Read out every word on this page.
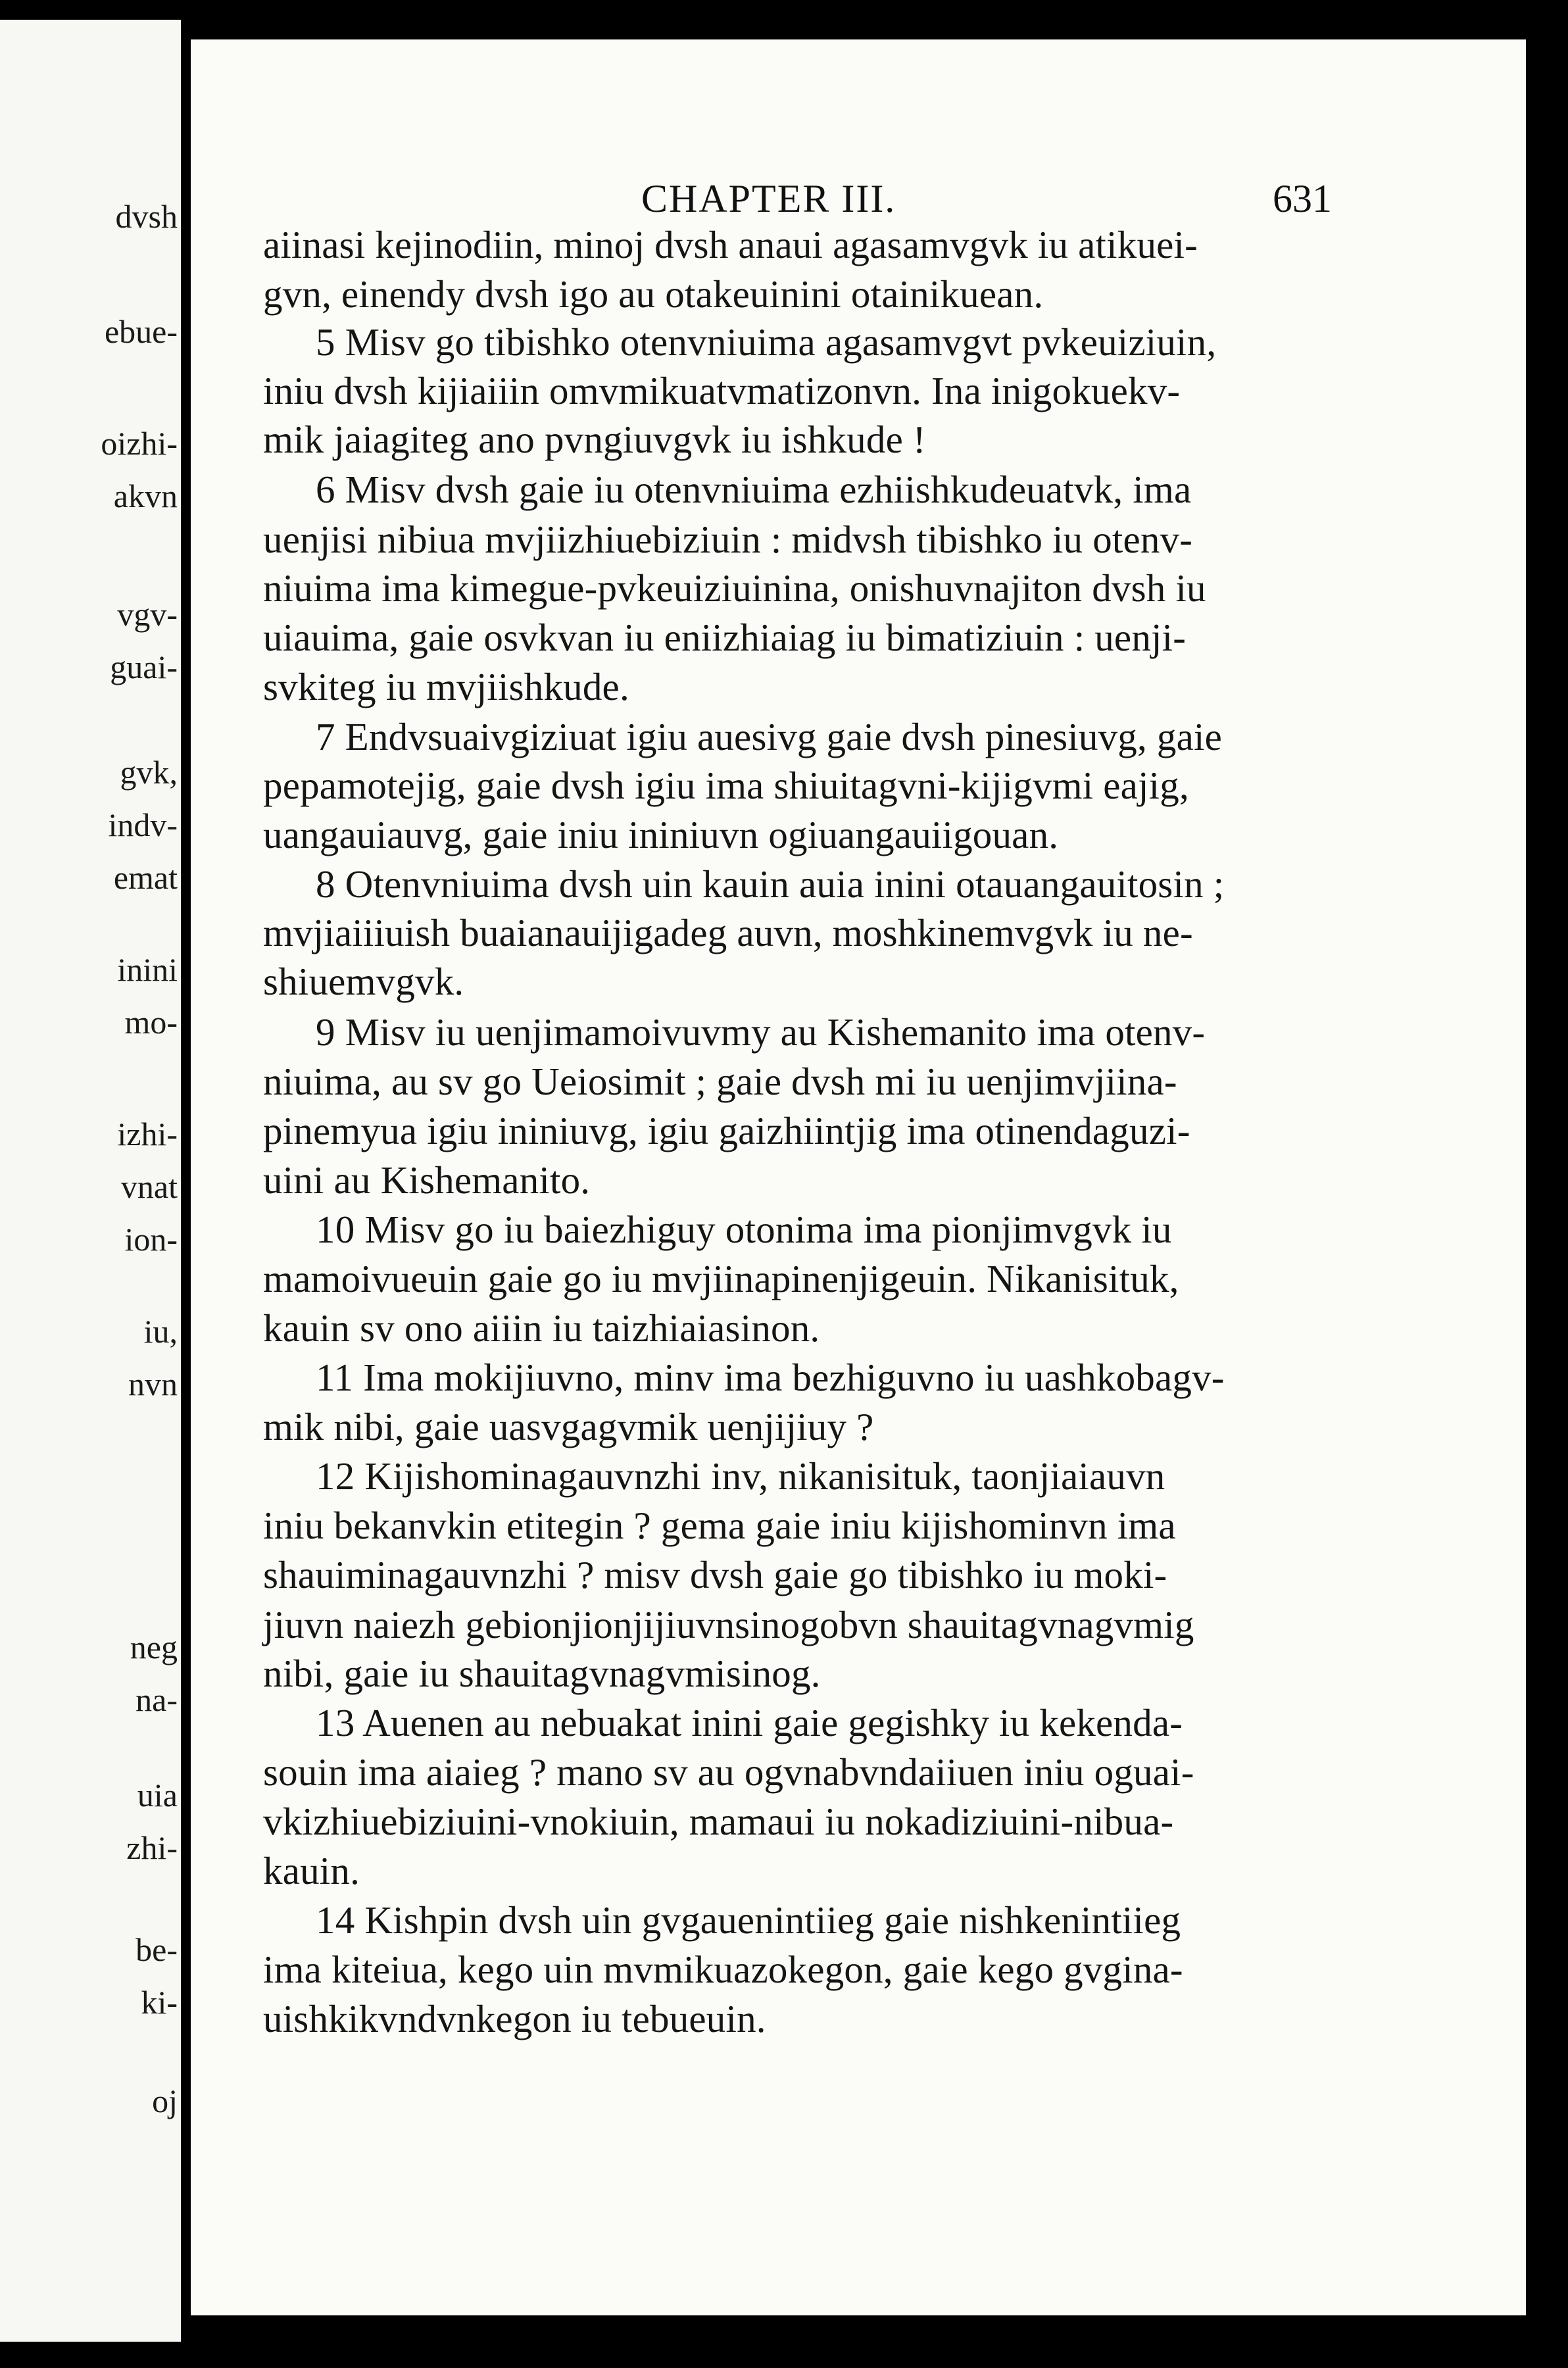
dvsh
ebue-
oizhi-
akvn
vgv-
guai-
gvk,
indv-
emat
inini
mo-
izhi-
vnat
ion-
iu,
nvn
neg
na-
uia
zhi-
be-
ki-
oj
CHAPTER III.	631
aiinasi kejinodiin, minoj dvsh anaui agasamvgvk iu atikuei-
gvn, einendy dvsh igo au otakeuinini otainikuean.
5 Misv go tibishko otenvniuima agasamvgvt pvkeuiziuin,
iniu dvsh kijiaiiin omvmikuatvmatizonvn. Ina inigokuekv-
mik jaiagiteg ano pvngiuvgvk iu ishkude !
6 Misv dvsh gaie iu otenvniuima ezhiishkudeuatvk, ima
uenjisi nibiua mvjiizhiuebiziuin : midvsh tibishko iu otenv-
niuima ima kimegue-pvkeuiziuinina, onishuvnajiton dvsh iu
uiauima, gaie osvkvan iu eniizhiaiag iu bimatiziuin : uenji-
svkiteg iu mvjiishkude.
7 Endvsuaivgiziuat igiu auesivg gaie dvsh pinesiuvg, gaie
pepamotejig, gaie dvsh igiu ima shiuitagvni-kijigvmi eajig,
uangauiauvg, gaie iniu ininiuvn ogiuangauiigouan.
8 Otenvniuima dvsh uin kauin auia inini otauangauitosin ;
mvjiaiiiuish buaianauijigadeg auvn, moshkinemvgvk iu ne-
shiuemvgvk.
9 Misv iu uenjimamoivuvmy au Kishemanito ima otenv-
niuima, au sv go Ueiosimit ; gaie dvsh mi iu uenjimvjiina-
pinemyua igiu ininiuvg, igiu gaizhiintjig ima otinendaguzi-
uini au Kishemanito.
10 Misv go iu baiezhiguy otonima ima pionjimvgvk iu
mamoivueuin gaie go iu mvjiinapinenjigeuin. Nikanisituk,
kauin sv ono aiiin iu taizhiaiasinon.
11 Ima mokijiuvno, minv ima bezhiguvno iu uashkobagv-
mik nibi, gaie uasvgagvmik uenjijiuy ?
12 Kijishominagauvnzhi inv, nikanisituk, taonjiaiauvn
iniu bekanvkin etitegin ? gema gaie iniu kijishominvn ima
shauiminagauvnzhi ? misv dvsh gaie go tibishko iu moki-
jiuvn naiezh gebionjionjijiuvnsinogobvn shauitagvnagvmig
nibi, gaie iu shauitagvnagvmisinog.
13 Auenen au nebuakat inini gaie gegishky iu kekenda-
souin ima aiaieg ? mano sv au ogvnabvndaiiuen iniu oguai-
vkizhiuebiziuini-vnokiuin, mamaui iu nokadiziuini-nibua-
kauin.
14 Kishpin dvsh uin gvgauenintiieg gaie nishkenintiieg
ima kiteiua, kego uin mvmikuazokegon, gaie kego gvgina-
uishkikvndvnkegon iu tebueuin.
